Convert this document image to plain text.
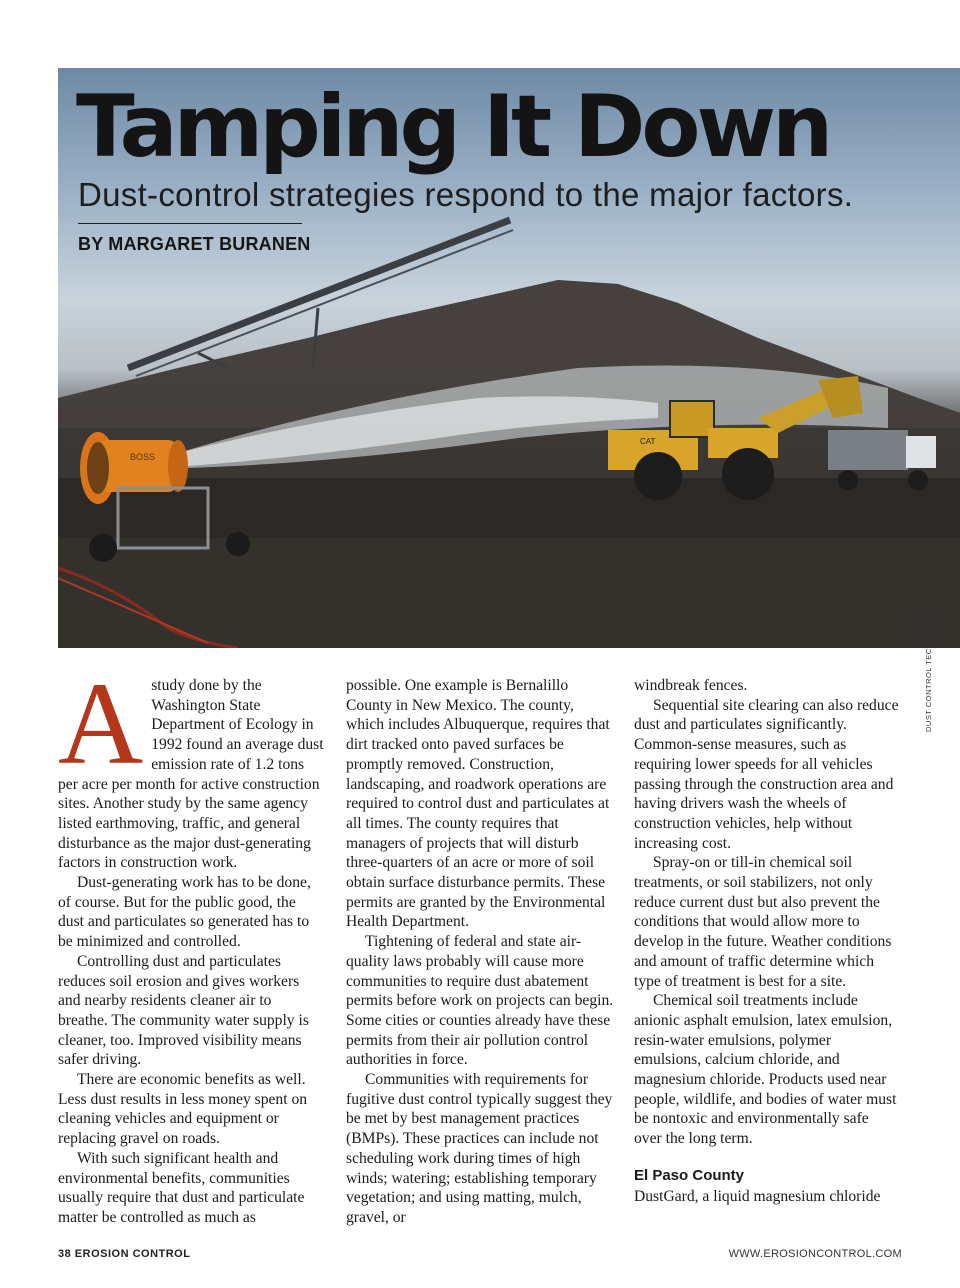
BOSS
CAT
Tamping It Down
Dust-control strategies respond to the major factors.
BY MARGARET BURANEN
DUST CONTROL TECHNOLOGY
A study done by the Washington State Department of Ecology in 1992 found an average dust emission rate of 1.2 tons per acre per month for active construction sites. Another study by the same agency listed earthmoving, traffic, and general disturbance as the major dust-generating factors in construction work.

Dust-generating work has to be done, of course. But for the public good, the dust and particulates so generated has to be minimized and controlled.

Controlling dust and particulates reduces soil erosion and gives workers and nearby residents cleaner air to breathe. The community water supply is cleaner, too. Improved visibility means safer driving.

There are economic benefits as well. Less dust results in less money spent on cleaning vehicles and equipment or replacing gravel on roads.

With such significant health and environmental benefits, communities usually require that dust and particulate matter be controlled as much as

possible. One example is Bernalillo County in New Mexico. The county, which includes Albuquerque, requires that dirt tracked onto paved surfaces be promptly removed. Construction, landscaping, and roadwork operations are required to control dust and particulates at all times. The county requires that managers of projects that will disturb three-quarters of an acre or more of soil obtain surface disturbance permits. These permits are granted by the Environmental Health Department.

Tightening of federal and state air-quality laws probably will cause more communities to require dust abatement permits before work on projects can begin. Some cities or counties already have these permits from their air pollution control authorities in force.

Communities with requirements for fugitive dust control typically suggest they be met by best management practices (BMPs). These practices can include not scheduling work during times of high winds; watering; establishing temporary vegetation; and using matting, mulch, gravel, or

windbreak fences.

Sequential site clearing can also reduce dust and particulates significantly. Common-sense measures, such as requiring lower speeds for all vehicles passing through the construction area and having drivers wash the wheels of construction vehicles, help without increasing cost.

Spray-on or till-in chemical soil treatments, or soil stabilizers, not only reduce current dust but also prevent the conditions that would allow more to develop in the future. Weather conditions and amount of traffic determine which type of treatment is best for a site.

Chemical soil treatments include anionic asphalt emulsion, latex emulsion, resin-water emulsions, polymer emulsions, calcium chloride, and magnesium chloride. Products used near people, wildlife, and bodies of water must be nontoxic and environmentally safe over the long term.

El Paso County

DustGard, a liquid magnesium chloride

38 EROSION CONTROL	WWW.EROSIONCONTROL.COM
